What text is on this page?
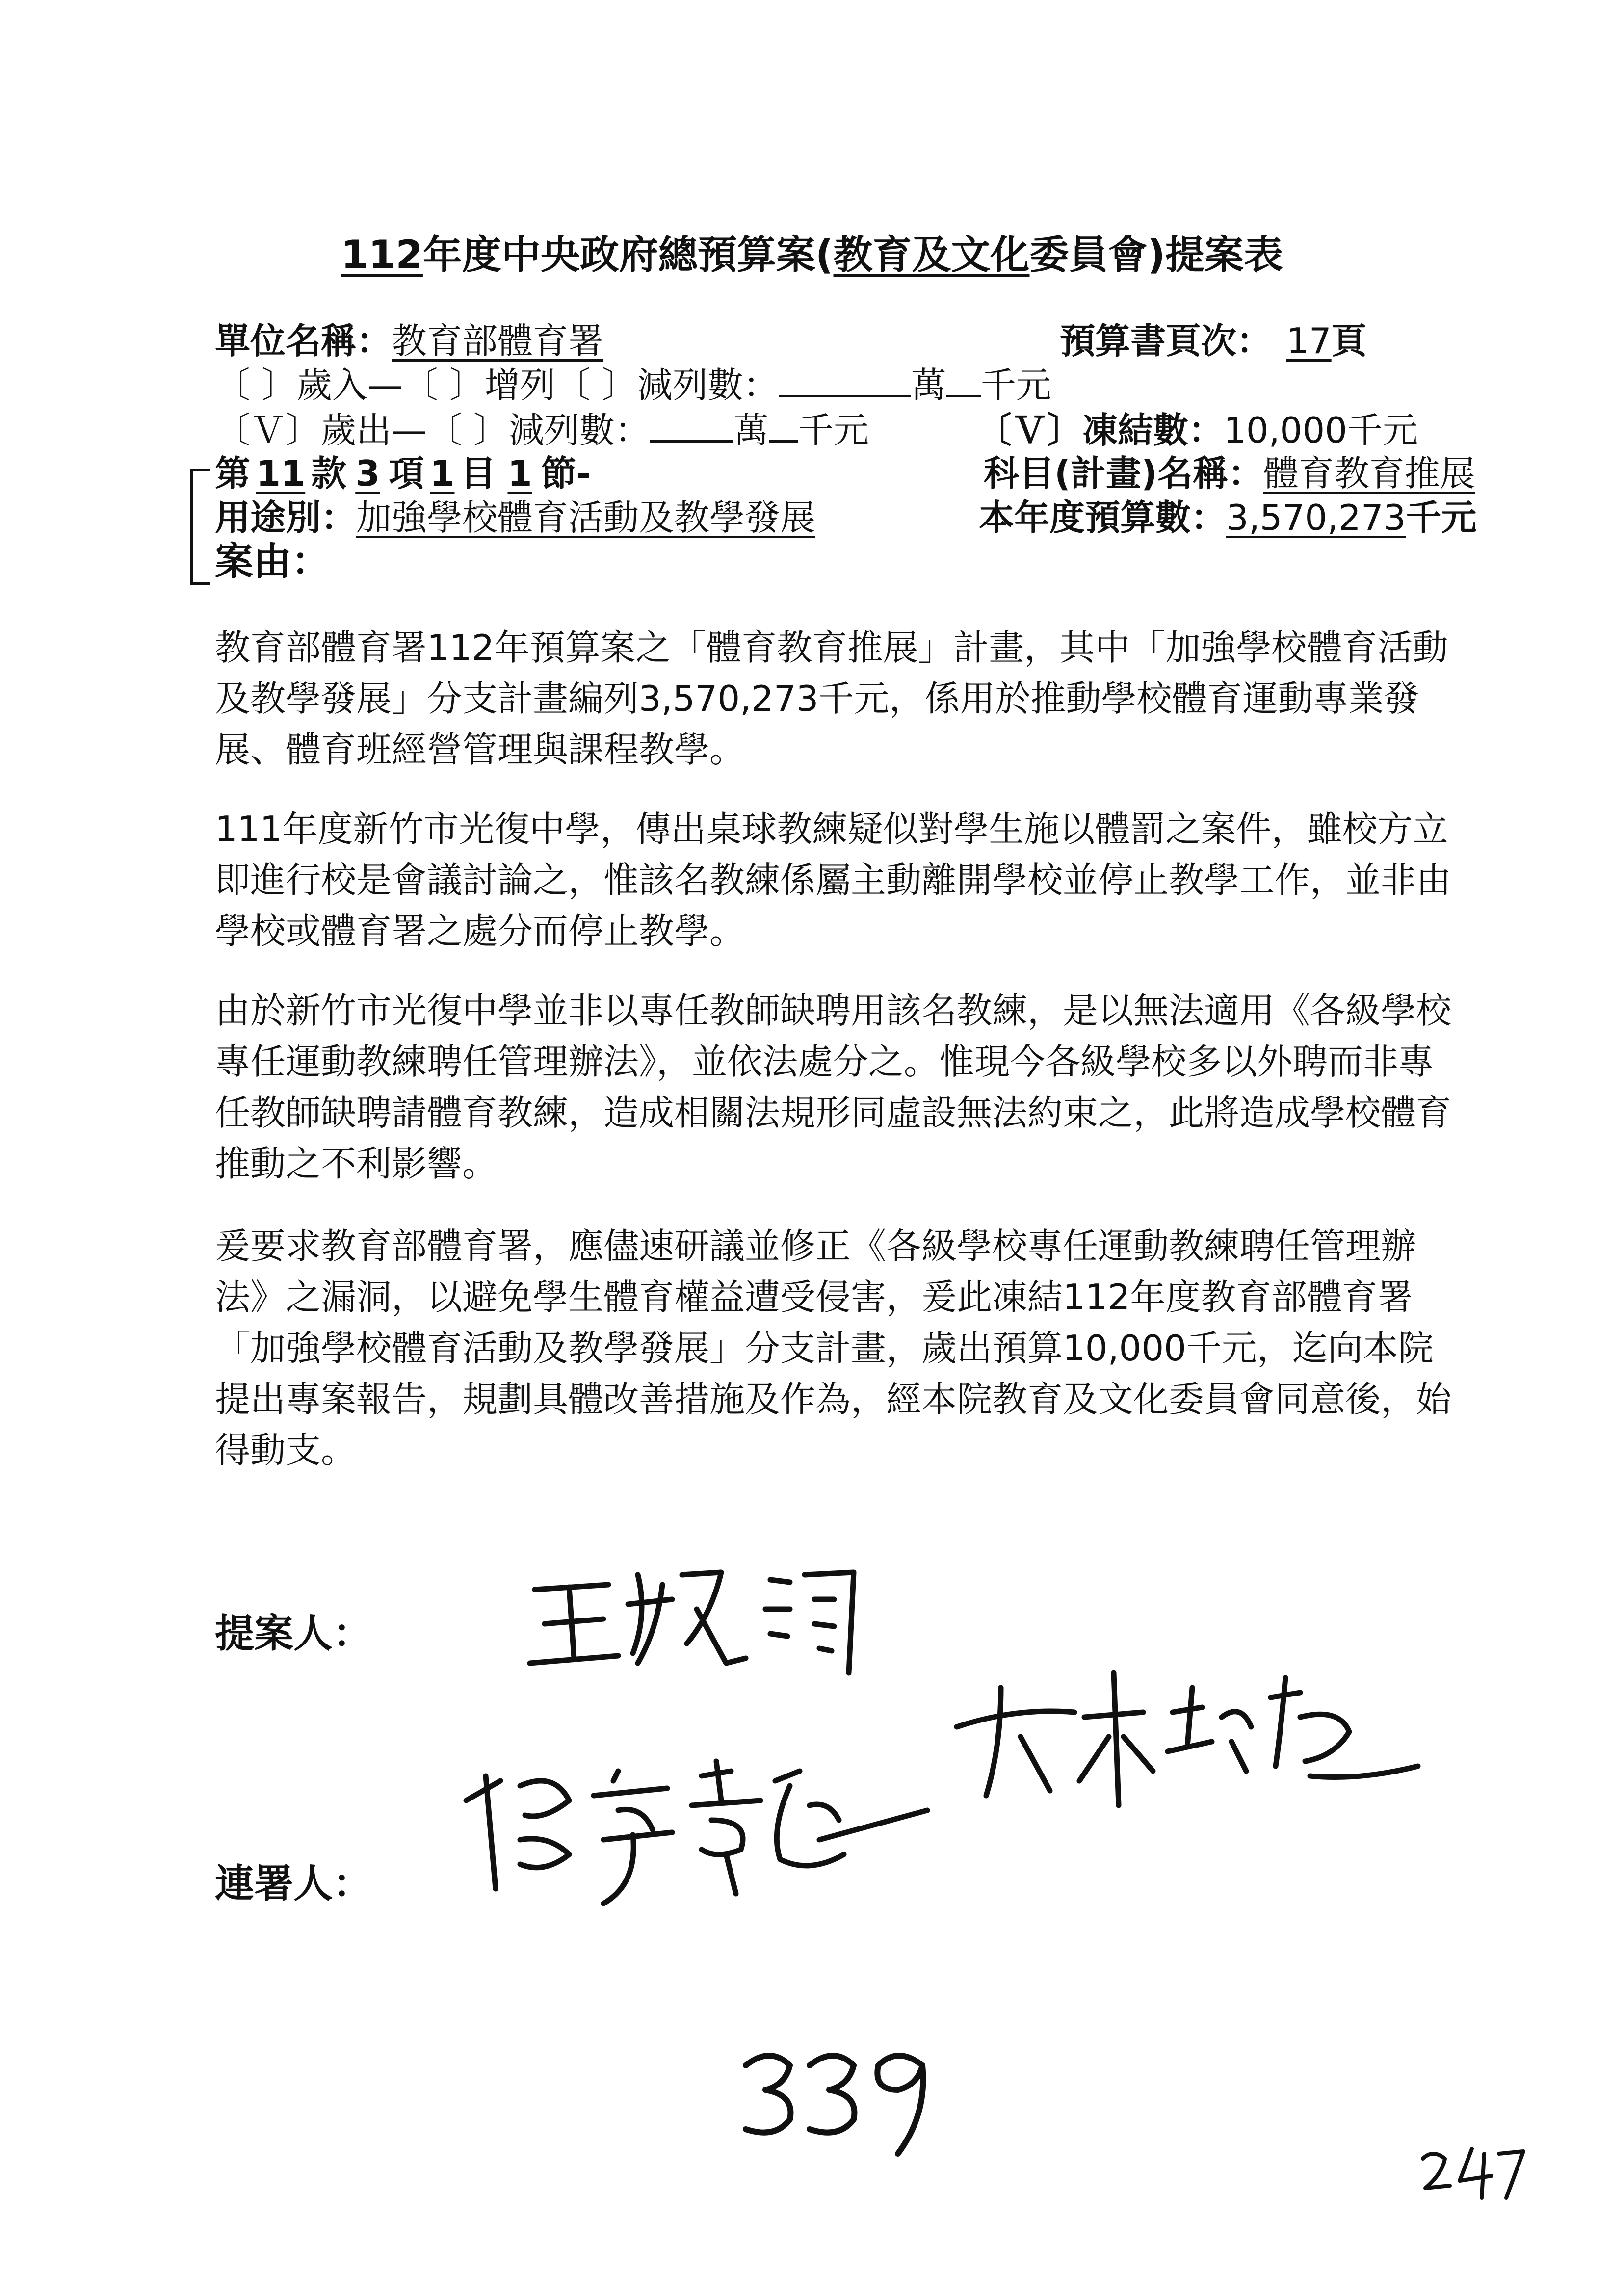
112年度中央政府總預算案(教育及文化委員會)提案表
單位名稱：教育部體育署	預算書頁次： 17頁
〔 〕歲入—〔 〕增列〔 〕減列數：	萬 千元
〔Ｖ〕歲出—〔 〕減列數： 萬 千元	〔Ｖ〕凍結數：10,000千元
第 11 款 3 項 1 目 1 節-	科目(計畫)名稱：體育教育推展
用途別：加強學校體育活動及教學發展	本年度預算數：3,570,273千元
案由：
教育部體育署112年預算案之「體育教育推展」計畫，其中「加強學校體育活動及教學發展」分支計畫編列3,570,273千元，係用於推動學校體育運動專業發展、體育班經營管理與課程教學。
111年度新竹市光復中學，傳出桌球教練疑似對學生施以體罰之案件，雖校方立即進行校是會議討論之，惟該名教練係屬主動離開學校並停止教學工作，並非由學校或體育署之處分而停止教學。
由於新竹市光復中學並非以專任教師缺聘用該名教練，是以無法適用《各級學校專任運動教練聘任管理辦法》，並依法處分之。惟現今各級學校多以外聘而非專任教師缺聘請體育教練，造成相關法規形同虛設無法約束之，此將造成學校體育推動之不利影響。
爰要求教育部體育署，應儘速研議並修正《各級學校專任運動教練聘任管理辦法》之漏洞，以避免學生體育權益遭受侵害，爰此凍結112年度教育部體育署「加強學校體育活動及教學發展」分支計畫，歲出預算10,000千元，迄向本院提出專案報告，規劃具體改善措施及作為，經本院教育及文化委員會同意後，始得動支。
提案人：
連署人：
